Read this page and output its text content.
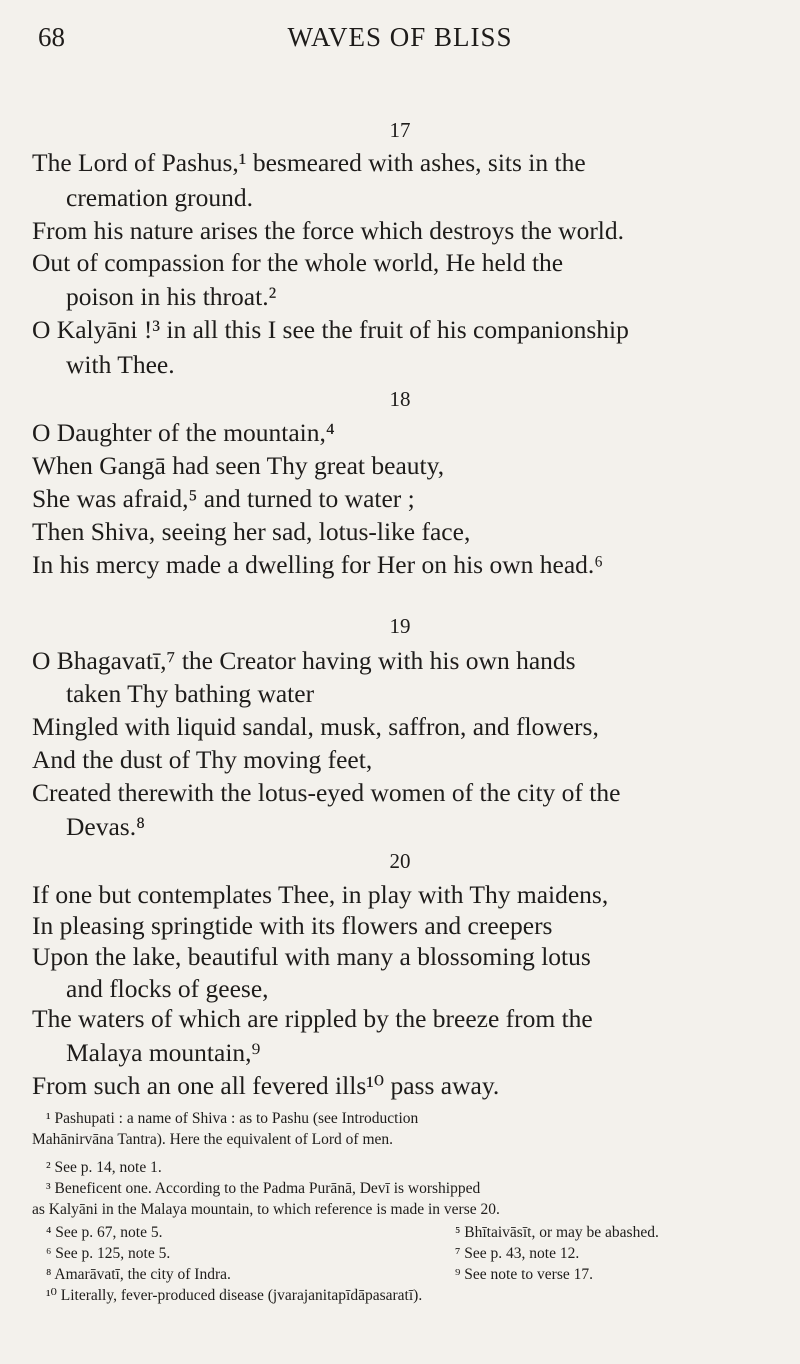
68	WAVES OF BLISS
17
The Lord of Pashus,¹ besmeared with ashes, sits in the
cremation ground.
From his nature arises the force which destroys the world.
Out of compassion for the whole world, He held the
poison in his throat.²
O Kalyāni !³ in all this I see the fruit of his companionship
with Thee.
18
O Daughter of the mountain,⁴
When Gangā had seen Thy great beauty,
She was afraid,⁵ and turned to water ;
Then Shiva, seeing her sad, lotus-like face,
In his mercy made a dwelling for Her on his own head.⁶
19
O Bhagavatī,⁷ the Creator having with his own hands
taken Thy bathing water
Mingled with liquid sandal, musk, saffron, and flowers,
And the dust of Thy moving feet,
Created therewith the lotus-eyed women of the city of the
Devas.⁸
20
If one but contemplates Thee, in play with Thy maidens,
In pleasing springtide with its flowers and creepers
Upon the lake, beautiful with many a blossoming lotus
and flocks of geese,
The waters of which are rippled by the breeze from the
Malaya mountain,⁹
From such an one all fevered ills¹⁰ pass away.
¹ Pashupati : a name of Shiva : as to Pashu (see Introduction
Mahānirvāna Tantra). Here the equivalent of Lord of men.
² See p. 14, note 1.
³ Beneficent one. According to the Padma Purānā, Devī is worshipped
as Kalyāni in the Malaya mountain, to which reference is made in verse 20.
⁴ See p. 67, note 5.	⁵ Bhītaivāsīt, or may be abashed.
⁶ See p. 125, note 5.	⁷ See p. 43, note 12.
⁸ Amarāvatī, the city of Indra.	⁹ See note to verse 17.
¹⁰ Literally, fever-produced disease (jvarajanitapīdāpasaratī).
